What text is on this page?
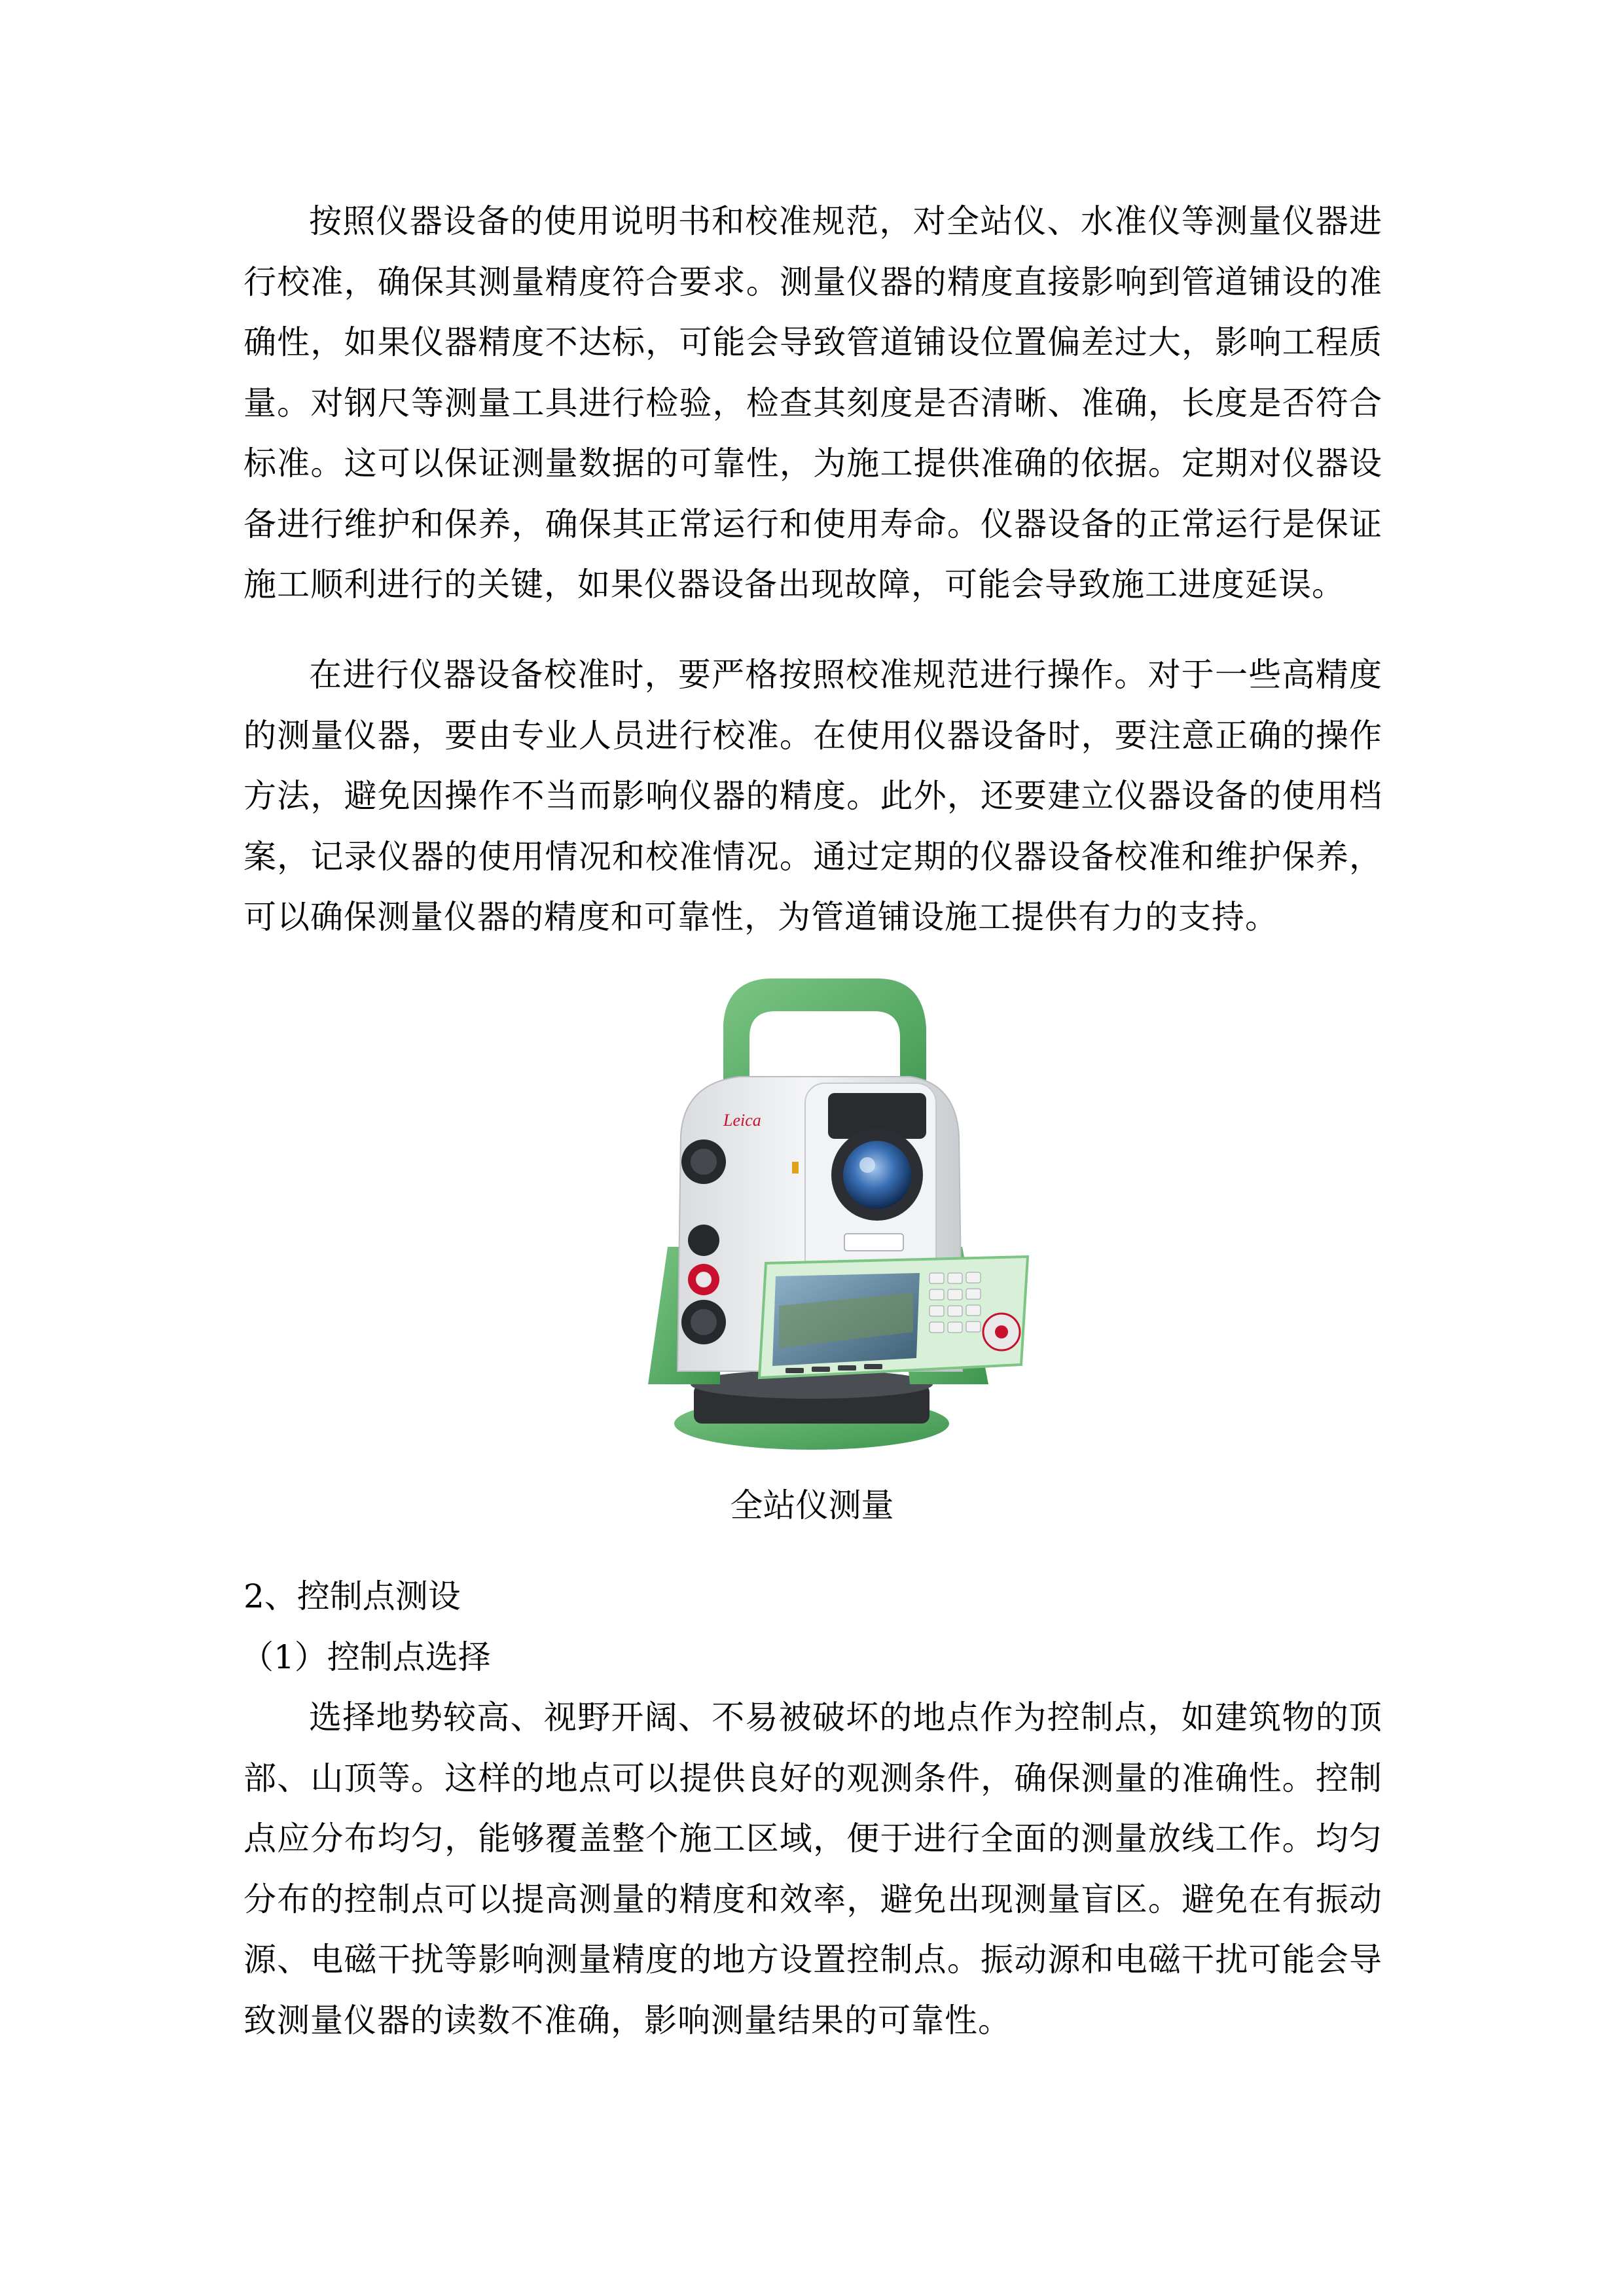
按照仪器设备的使用说明书和校准规范，对全站仪、水准仪等测量仪器进行校准，确保其测量精度符合要求。测量仪器的精度直接影响到管道铺设的准确性，如果仪器精度不达标，可能会导致管道铺设位置偏差过大，影响工程质量。对钢尺等测量工具进行检验，检查其刻度是否清晰、准确，长度是否符合标准。这可以保证测量数据的可靠性，为施工提供准确的依据。定期对仪器设备进行维护和保养，确保其正常运行和使用寿命。仪器设备的正常运行是保证施工顺利进行的关键，如果仪器设备出现故障，可能会导致施工进度延误。

在进行仪器设备校准时，要严格按照校准规范进行操作。对于一些高精度的测量仪器，要由专业人员进行校准。在使用仪器设备时，要注意正确的操作方法，避免因操作不当而影响仪器的精度。此外，还要建立仪器设备的使用档案，记录仪器的使用情况和校准情况。通过定期的仪器设备校准和维护保养，可以确保测量仪器的精度和可靠性，为管道铺设施工提供有力的支持。

Leica

全站仪测量

2、控制点测设

（1）控制点选择

选择地势较高、视野开阔、不易被破坏的地点作为控制点，如建筑物的顶部、山顶等。这样的地点可以提供良好的观测条件，确保测量的准确性。控制点应分布均匀，能够覆盖整个施工区域，便于进行全面的测量放线工作。均匀分布的控制点可以提高测量的精度和效率，避免出现测量盲区。避免在有振动源、电磁干扰等影响测量精度的地方设置控制点。振动源和电磁干扰可能会导致测量仪器的读数不准确，影响测量结果的可靠性。
